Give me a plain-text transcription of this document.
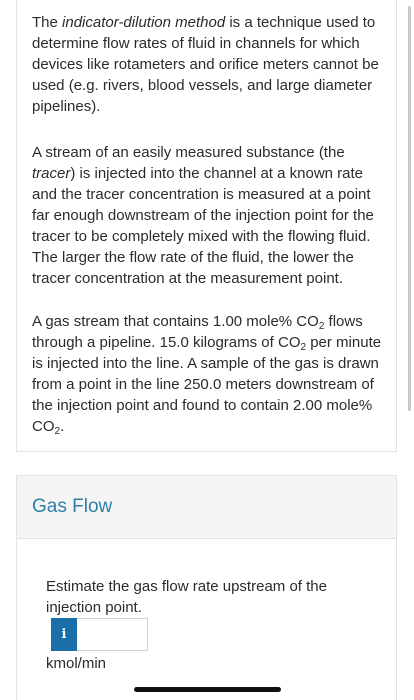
The indicator-dilution method is a technique used to determine flow rates of fluid in channels for which devices like rotameters and orifice meters cannot be used (e.g. rivers, blood vessels, and large diameter pipelines).

A stream of an easily measured substance (the tracer) is injected into the channel at a known rate and the tracer concentration is measured at a point far enough downstream of the injection point for the tracer to be completely mixed with the flowing fluid. The larger the flow rate of the fluid, the lower the tracer concentration at the measurement point.

A gas stream that contains 1.00 mole% $CO_2$ flows through a pipeline. 15.0 kilograms of $CO_2$ per minute is injected into the line. A sample of the gas is drawn from a point in the line 250.0 meters downstream of the injection point and found to contain 2.00 mole% $CO_2$.

Gas Flow

Estimate the gas flow rate upstream of the injection point.

i
kmol/min
